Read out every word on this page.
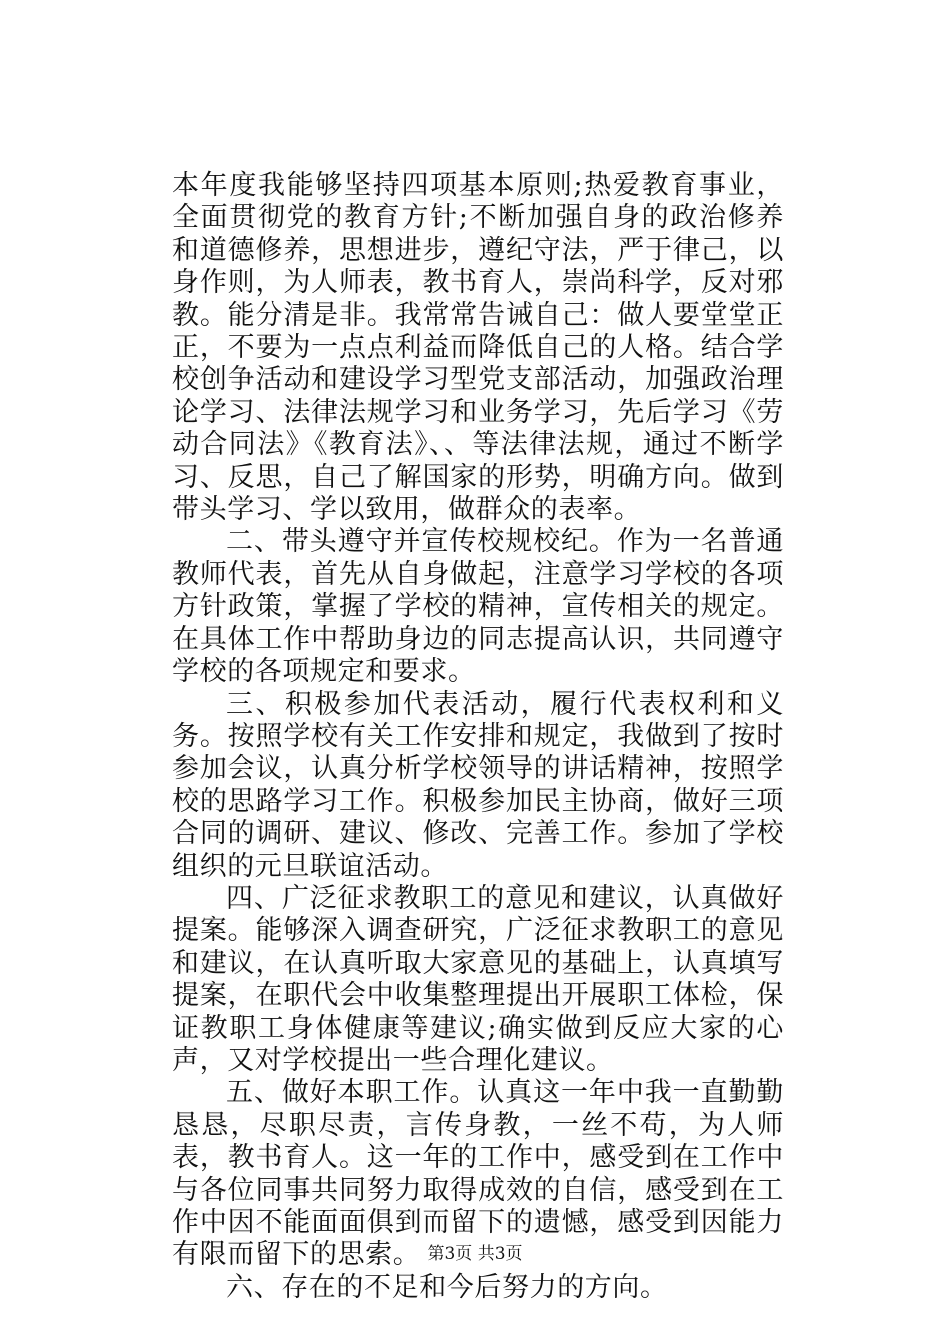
本年度我能够坚持四项基本原则;热爱教育事业，全面贯彻党的教育方针;不断加强自身的政治修养和道德修养，思想进步，遵纪守法，严于律己，以身作则，为人师表，教书育人，崇尚科学，反对邪教。能分清是非。我常常告诫自己：做人要堂堂正正，不要为一点点利益而降低自己的人格。结合学校创争活动和建设学习型党支部活动，加强政治理论学习、法律法规学习和业务学习，先后学习《劳动合同法》《教育法》、、等法律法规，通过不断学习、反思，自己了解国家的形势，明确方向。做到带头学习、学以致用，做群众的表率。

二、带头遵守并宣传校规校纪。作为一名普通教师代表，首先从自身做起，注意学习学校的各项方针政策，掌握了学校的精神，宣传相关的规定。在具体工作中帮助身边的同志提高认识，共同遵守学校的各项规定和要求。

三、积极参加代表活动，履行代表权利和义务。按照学校有关工作安排和规定，我做到了按时参加会议，认真分析学校领导的讲话精神，按照学校的思路学习工作。积极参加民主协商，做好三项合同的调研、建议、修改、完善工作。参加了学校组织的元旦联谊活动。

四、广泛征求教职工的意见和建议，认真做好提案。能够深入调查研究，广泛征求教职工的意见和建议，在认真听取大家意见的基础上，认真填写提案，在职代会中收集整理提出开展职工体检，保证教职工身体健康等建议;确实做到反应大家的心声，又对学校提出一些合理化建议。

五、做好本职工作。认真这一年中我一直勤勤恳恳，尽职尽责，言传身教，一丝不苟，为人师表，教书育人。这一年的工作中，感受到在工作中与各位同事共同努力取得成效的自信，感受到在工作中因不能面面俱到而留下的遗憾，感受到因能力有限而留下的思索。

六、存在的不足和今后努力的方向。

第3页 共3页
